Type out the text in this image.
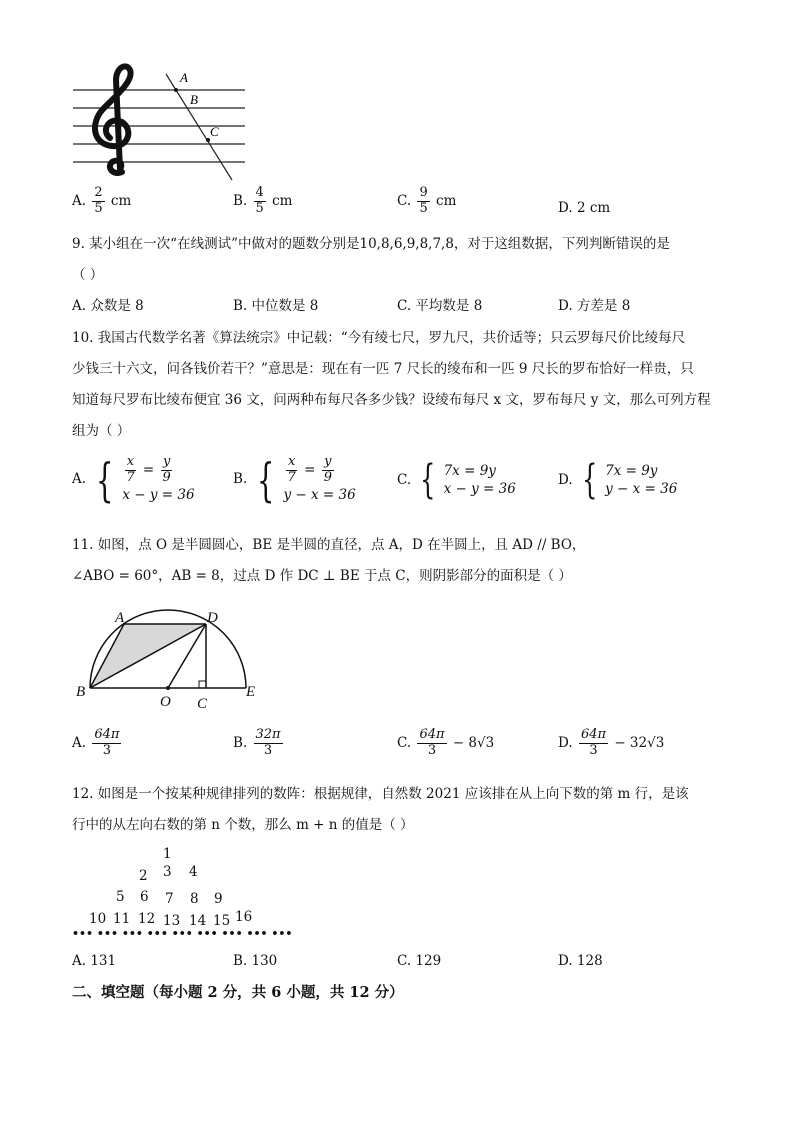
A
B
C
A. $\frac{2}{5}$ cm	B. $\frac{4}{5}$ cm	C. $\frac{9}{5}$ cm	D. 2 cm
9. 某小组在一次“在线测试”中做对的题数分别是10,8,6,9,8,7,8，对于这组数据，下列判断错误的是
（ ）
A. 众数是 8	B. 中位数是 8	C. 平均数是 8	D. 方差是 8
10. 我国古代数学名著《算法统宗》中记载：“今有绫七尺，罗九尺，共价适等；只云罗每尺价比绫每尺
少钱三十六文，问各钱价若干？”意思是：现在有一匹 7 尺长的绫布和一匹 9 尺长的罗布恰好一样贵，只
知道每尺罗布比绫布便宜 36 文，问两种布每尺各多少钱？设绫布每尺 x 文，罗布每尺 y 文，那么可列方程
组为（ ）
A. { $\frac{x}{7} = \frac{y}{9}$
x − y = 36
B. { $\frac{x}{7} = \frac{y}{9}$
y − x = 36
C. { 7x = 9y
x − y = 36
D. { 7x = 9y
y − x = 36
11. 如图，点 O 是半圆圆心，BE 是半圆的直径，点 A，D 在半圆上，且 AD // BO，
∠ABO = 60°，AB = 8，过点 D 作 DC ⊥ BE 于点 C，则阴影部分的面积是（ ）
A	D
B
O C
E
A. $\frac{64\pi}{3}$	B. $\frac{32\pi}{3}$	C. $\frac{64\pi}{3} - 8√3$	D. $\frac{64\pi}{3} - 32√3$
12. 如图是一个按某种规律排列的数阵：根据规律，自然数 2021 应该排在从上向下数的第 m 行，是该
行中的从左向右数的第 n 个数，那么 m + n 的值是（ ）
1
2 3 4
5 6 7 8 9
10 11 12 13 14 15 16
••• ••• ••• ••• ••• ••• ••• ••• •••
A. 131	B. 130	C. 129	D. 128
二、填空题（每小题 2 分，共 6 小题，共 12 分）
